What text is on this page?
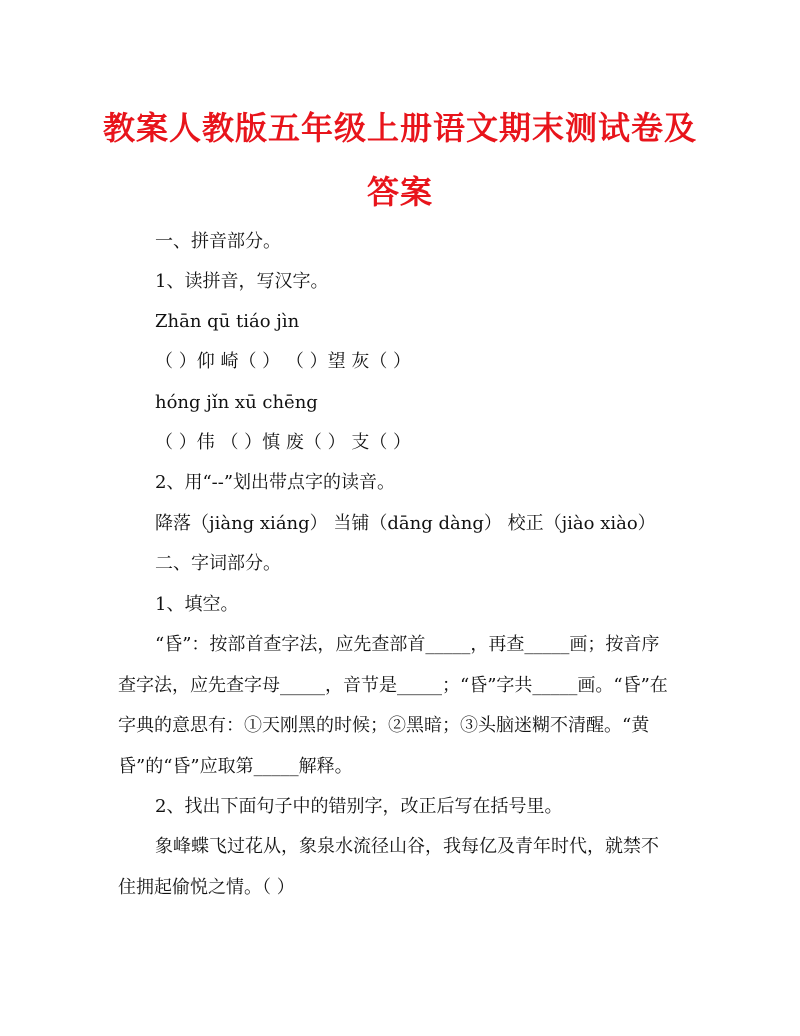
教案人教版五年级上册语文期末测试卷及
答案
一、拼音部分。
1、读拼音，写汉字。
Zhān qū tiáo jìn
（ ）仰 崎（ ） （ ）望 灰（ ）
hóng jǐn xū chēng
（ ）伟 （ ）慎 废（ ） 支（ ）
2、用“--”划出带点字的读音。
降落（jiàng xiáng） 当铺（dāng dàng） 校正（jiào xiào）
二、字词部分。
1、填空。
“昏”：按部首查字法，应先查部首_____，再查_____画；按音序
查字法，应先查字母_____，音节是_____；“昏”字共_____画。“昏”在
字典的意思有：①天刚黑的时候；②黑暗；③头脑迷糊不清醒。“黄
昏”的“昏”应取第_____解释。
2、找出下面句子中的错别字，改正后写在括号里。
象峰蝶飞过花从，象泉水流径山谷，我每亿及青年时代，就禁不
住拥起偷悦之情。（ ）
